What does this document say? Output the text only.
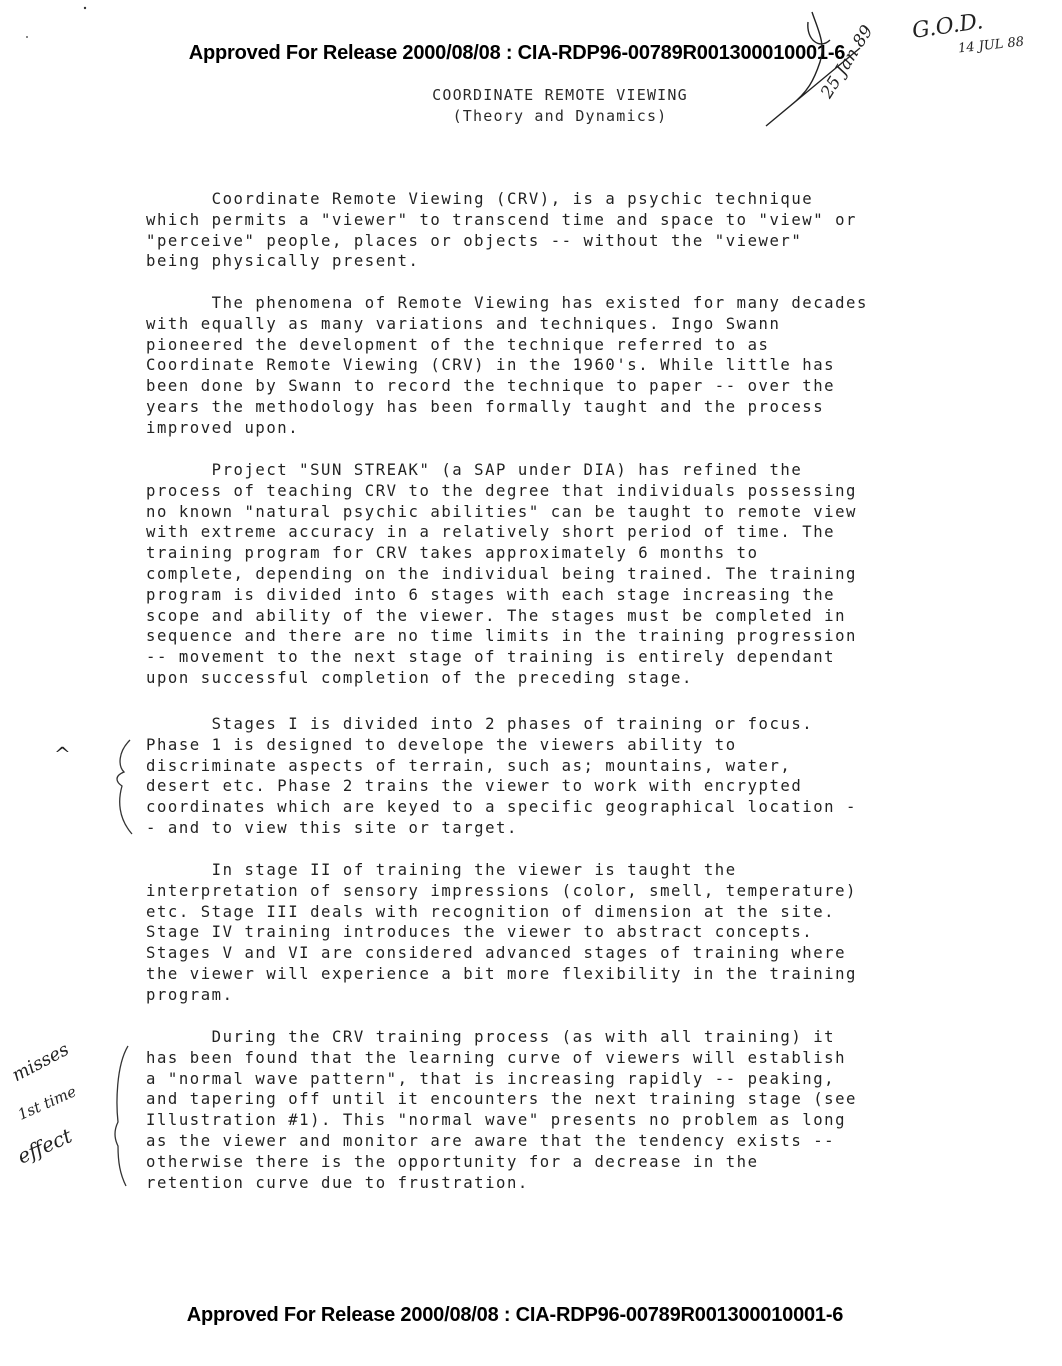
Approved For Release 2000/08/08 : CIA-RDP96-00789R001300010001-6
COORDINATE REMOTE VIEWING
(Theory and Dynamics)
Coordinate Remote Viewing (CRV), is a psychic technique
which permits a "viewer" to transcend time and space to "view" or
"perceive" people, places or objects -- without the "viewer"
being physically present.
The phenomena of Remote Viewing has existed for many decades
with equally as many variations and techniques. Ingo Swann
pioneered the development of the technique referred to as
Coordinate Remote Viewing (CRV) in the 1960's. While little has
been done by Swann to record the technique to paper -- over the
years the methodology has been formally taught and the process
improved upon.
Project "SUN STREAK" (a SAP under DIA) has refined the
process of teaching CRV to the degree that individuals possessing
no known "natural psychic abilities" can be taught to remote view
with extreme accuracy in a relatively short period of time. The
training program for CRV takes approximately 6 months to
complete, depending on the individual being trained. The training
program is divided into 6 stages with each stage increasing the
scope and ability of the viewer. The stages must be completed in
sequence and there are no time limits in the training progression
-- movement to the next stage of training is entirely dependant
upon successful completion of the preceding stage.
Stages I is divided into 2 phases of training or focus.
Phase 1 is designed to develope the viewers ability to
discriminate aspects of terrain, such as; mountains, water,
desert etc. Phase 2 trains the viewer to work with encrypted
coordinates which are keyed to a specific geographical location -
- and to view this site or target.
In stage II of training the viewer is taught the
interpretation of sensory impressions (color, smell, temperature)
etc. Stage III deals with recognition of dimension at the site.
Stage IV training introduces the viewer to abstract concepts.
Stages V and VI are considered advanced stages of training where
the viewer will experience a bit more flexibility in the training
program.
During the CRV training process (as with all training) it
has been found that the learning curve of viewers will establish
a "normal wave pattern", that is increasing rapidly -- peaking,
and tapering off until it encounters the next training stage (see
Illustration #1). This "normal wave" presents no problem as long
as the viewer and monitor are aware that the tendency exists --
otherwise there is the opportunity for a decrease in the
retention curve due to frustration.
G.O.D.
14 JUL 88
25 Jan 89
^
misses
1st time
effect
Approved For Release 2000/08/08 : CIA-RDP96-00789R001300010001-6
